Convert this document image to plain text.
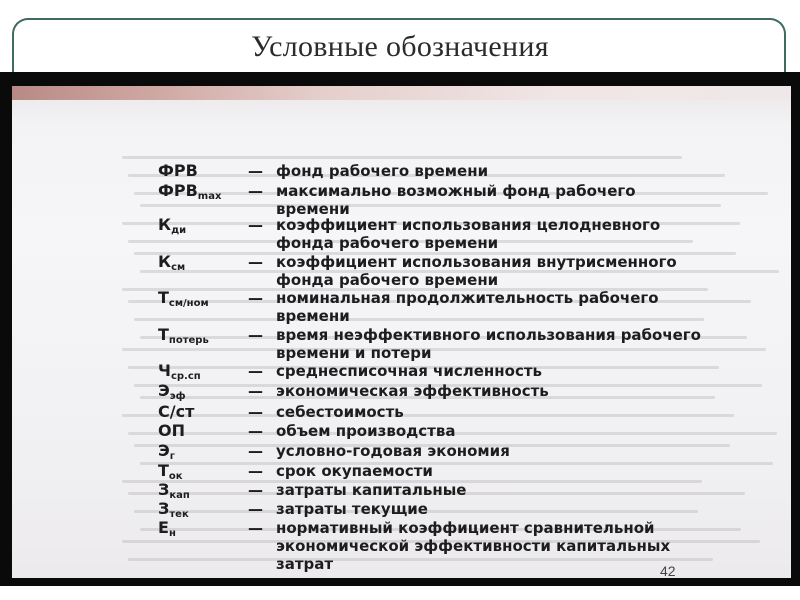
Условные обозначения
ФРВ	— фонд рабочего времени
$ФРВ_{max}$ — максимально возможный фонд рабочего
времени
$К_{ди}$	— коэффициент использования целодневного
фонда рабочего времени
$К_{см}$	— коэффициент использования внутрисменного
фонда рабочего времени
$Т_{см/ном}$	— номинальная продолжительность рабочего
времени
$Т_{потерь}$	— время неэффективного использования рабочего
времени и потери
$Ч_{ср.сп}$	— среднесписочная численность
$Э_{эф}$	— экономическая эффективность
С/ст	— себестоимость
ОП	— объем производства
$Э_г$	— условно-годовая экономия
$Т_{ок}$	— срок окупаемости
$З_{кап}$	— затраты капитальные
$З_{тек}$	— затраты текущие
$Е_н$	— нормативный коэффициент сравнительной
экономической эффективности капитальных
затрат	42
